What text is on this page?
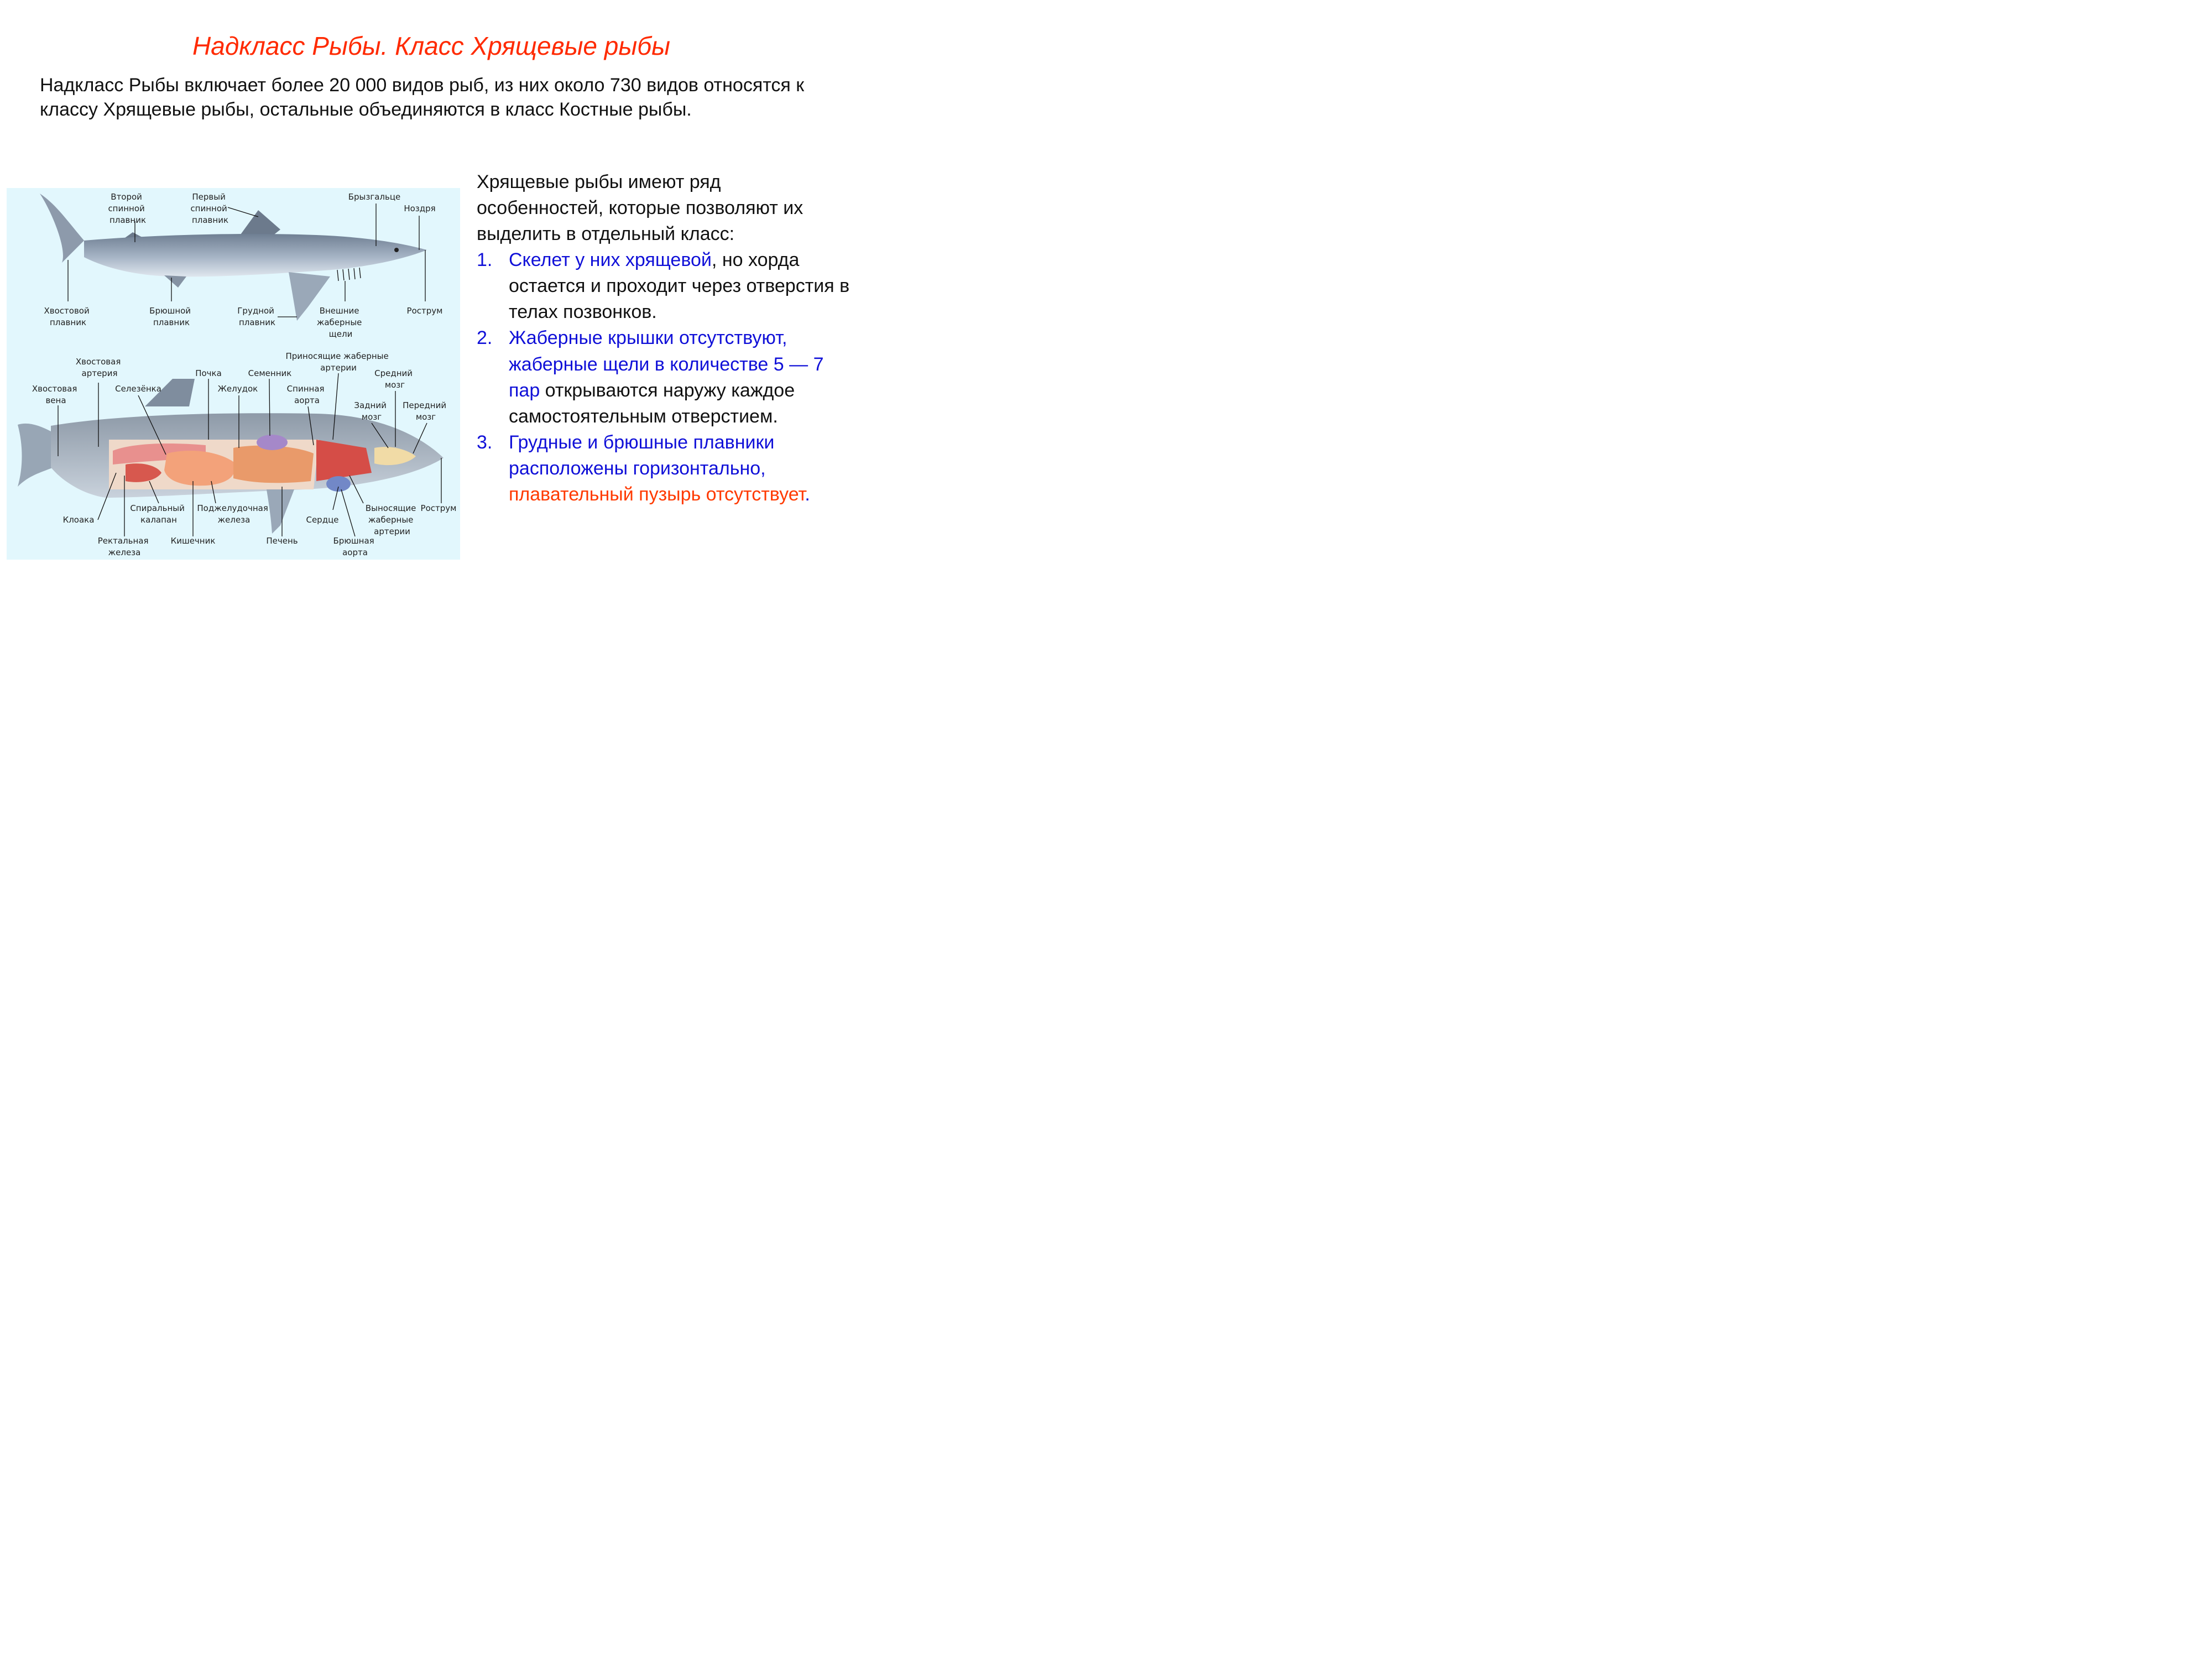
Надкласс Рыбы. Класс Хрящевые рыбы
Надкласс Рыбы включает более 20 000 видов рыб, из них около 730 видов относятся к классу Хрящевые рыбы, остальные объединяются в класс Костные рыбы.
Второй спинной плавник
Первый спинной плавник
Брызгальце
Ноздря
Хвостовой плавник
Брюшной плавник
Грудной плавник
Внешние жаберные щели
Рострум
Хвостовая артерия
Хвостовая вена
Селезёнка
Почка
Желудок
Семенник
Приносящие жаберные артерии
Спинная аорта
Средний мозг
Задний мозг
Передний мозг
Клоака
Спиральный калапан
Поджелудочная железа	Сердце
Выносящие жаберные артерии
Рострум
Ректальная железа
Кишечник	Печень	Брюшная аорта
Хрящевые рыбы имеют ряд особенностей, которые позволяют их выделить в отдельный класс:
1. Скелет у них хрящевой, но хорда остается и проходит через отверстия в телах позвонков.
2. Жаберные крышки отсутствуют, жаберные щели в количестве 5 — 7 пар открываются наружу каждое самостоятельным отверстием.
3. Грудные и брюшные плавники расположены горизонтально, плавательный пузырь отсутствует.
